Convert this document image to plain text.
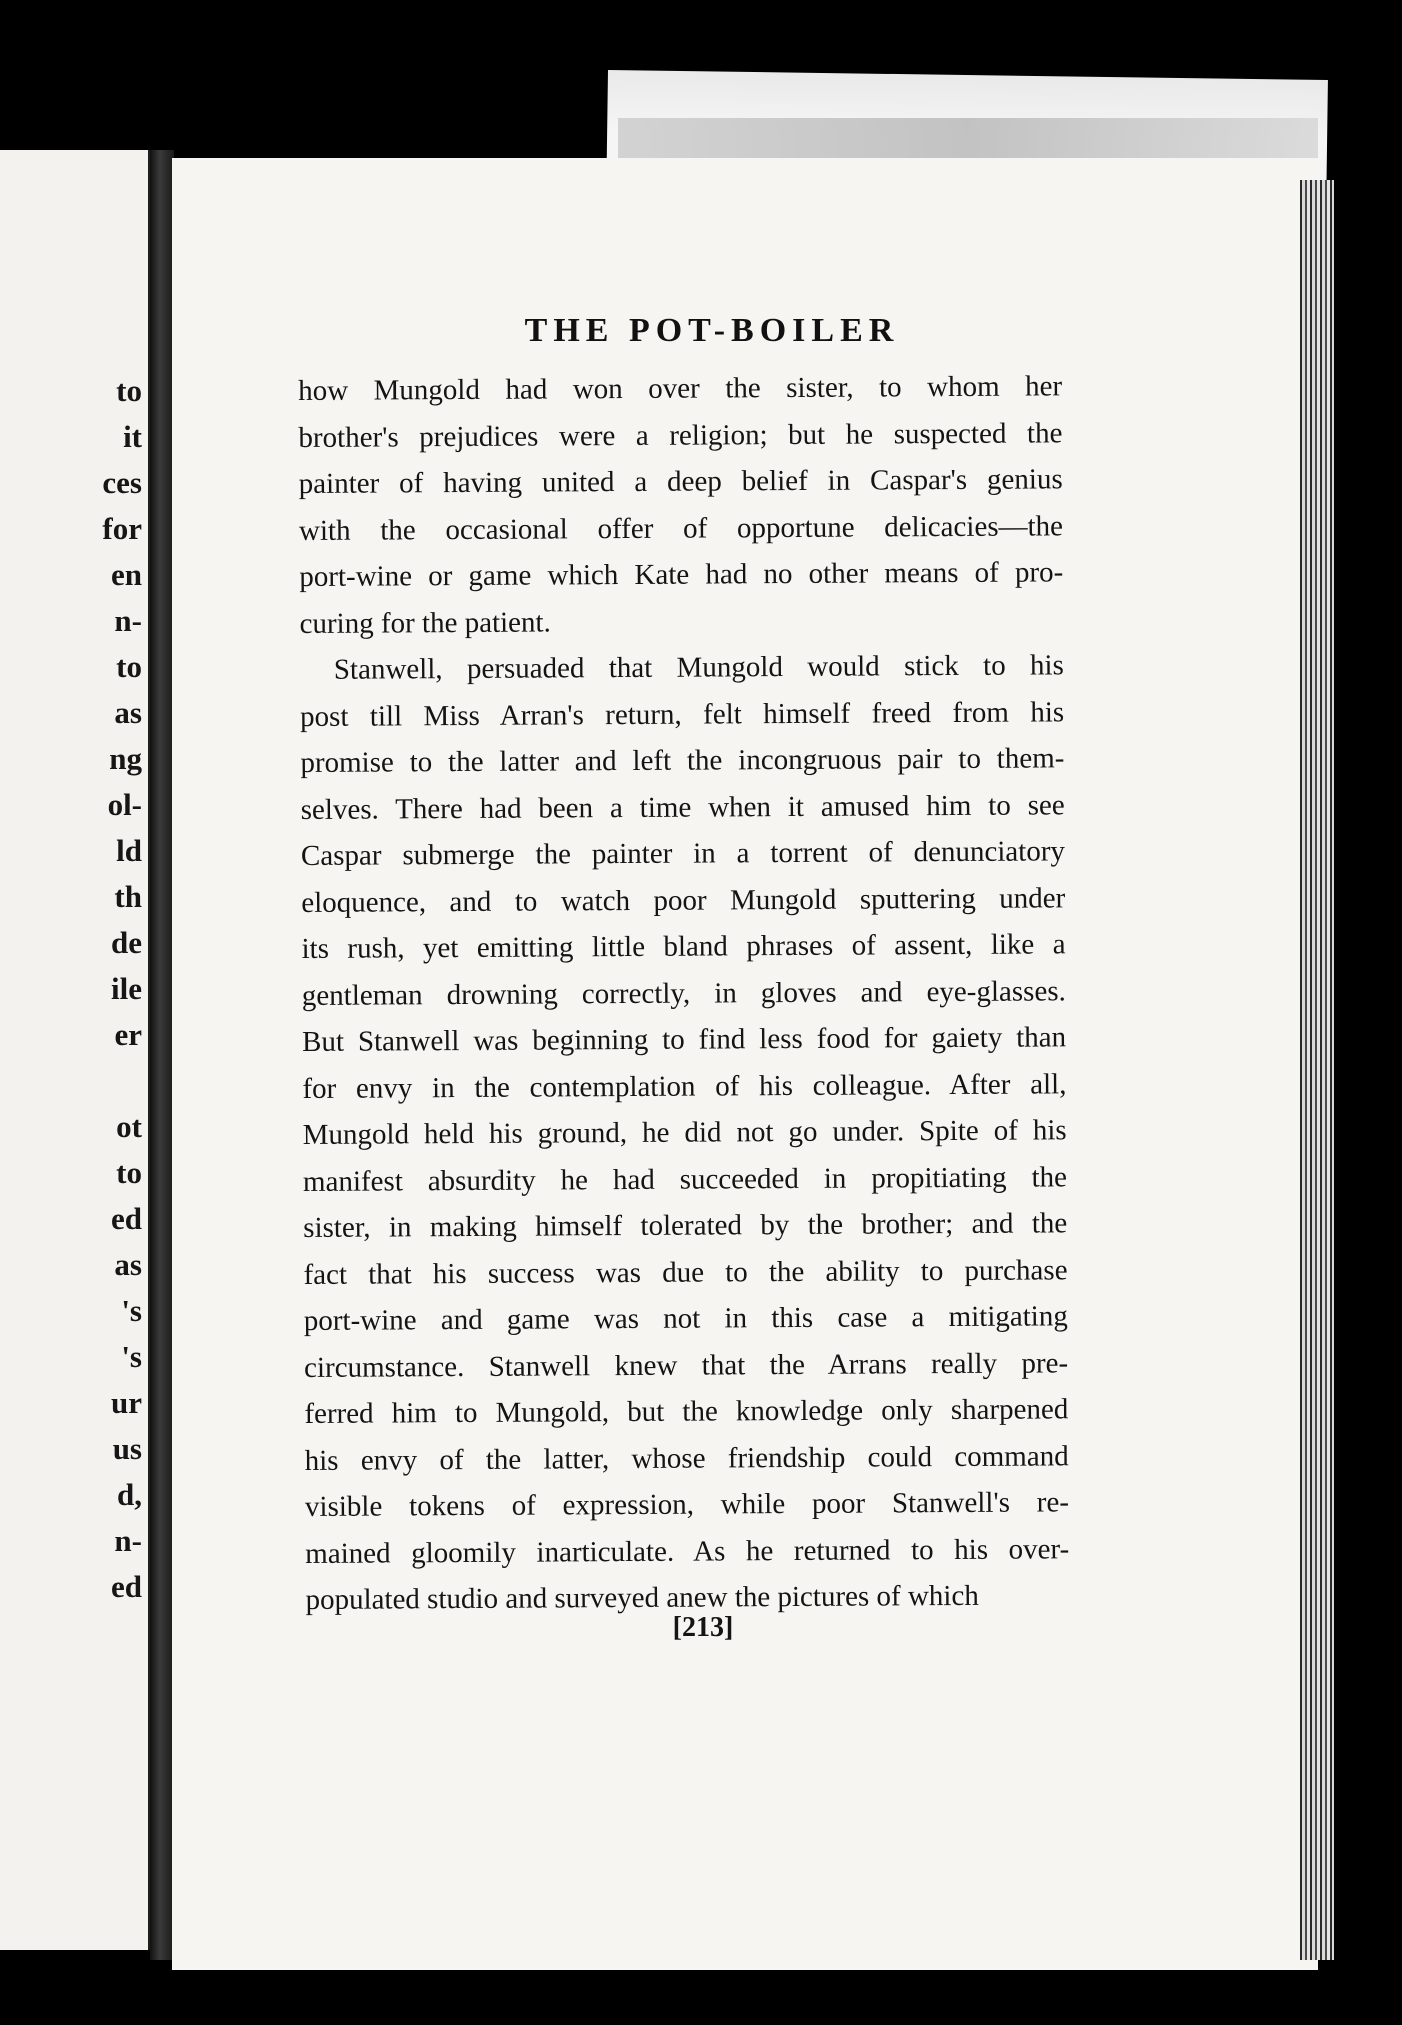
to

it

ces

for

en

n-

to

as

ng

ol-

ld

th

de

ile

er

ot

to

ed

as

's

's

ur

us

d,

n-

ed

THE POT-BOILER
how Mungold had won over the sister, to whom her
brother's prejudices were a religion; but he suspected the
painter of having united a deep belief in Caspar's genius
with the occasional offer of opportune delicacies—the
port-wine or game which Kate had no other means of pro-
curing for the patient.
Stanwell, persuaded that Mungold would stick to his
post till Miss Arran's return, felt himself freed from his
promise to the latter and left the incongruous pair to them-
selves. There had been a time when it amused him to see
Caspar submerge the painter in a torrent of denunciatory
eloquence, and to watch poor Mungold sputtering under
its rush, yet emitting little bland phrases of assent, like a
gentleman drowning correctly, in gloves and eye-glasses.
But Stanwell was beginning to find less food for gaiety than
for envy in the contemplation of his colleague. After all,
Mungold held his ground, he did not go under. Spite of his
manifest absurdity he had succeeded in propitiating the
sister, in making himself tolerated by the brother; and the
fact that his success was due to the ability to purchase
port-wine and game was not in this case a mitigating
circumstance. Stanwell knew that the Arrans really pre-
ferred him to Mungold, but the knowledge only sharpened
his envy of the latter, whose friendship could command
visible tokens of expression, while poor Stanwell's re-
mained gloomily inarticulate. As he returned to his over-
populated studio and surveyed anew the pictures of which

[213]
